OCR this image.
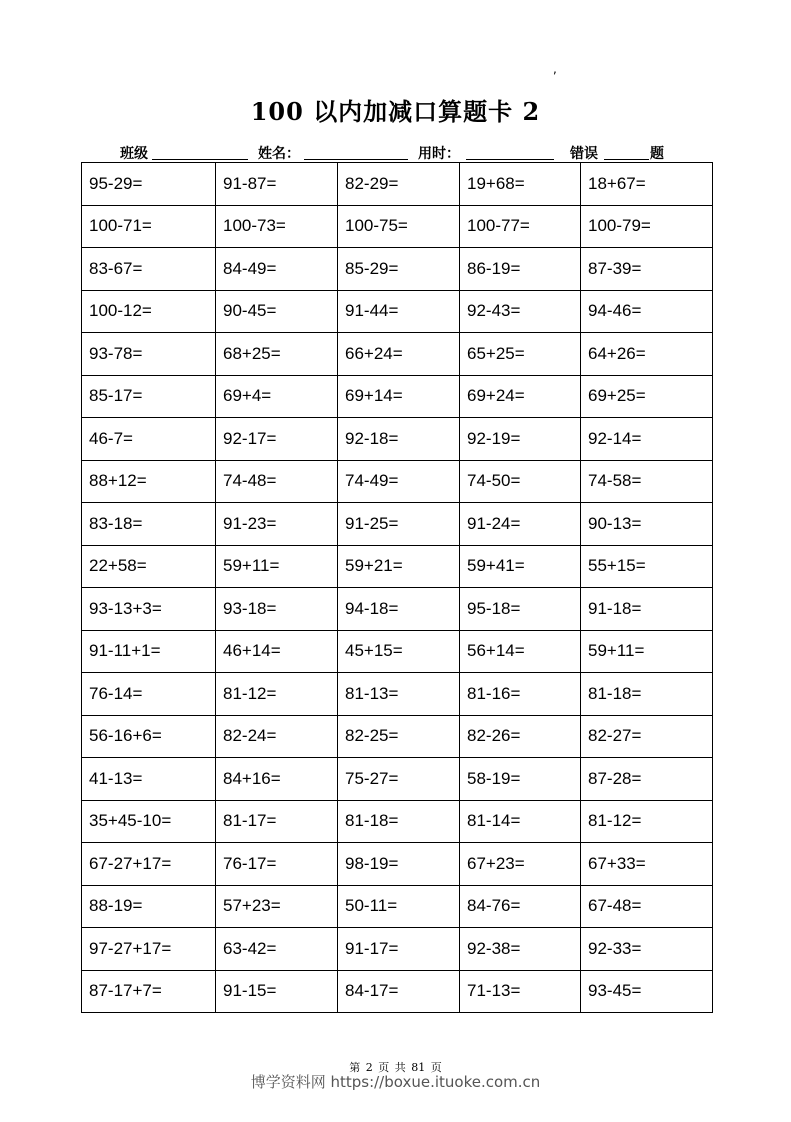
,
100 以内加减口算题卡 2
班级	姓名：	用时：	错误	题
95-29=	91-87=	82-29=	19+68=	18+67=
100-71=	100-73=	100-75=	100-77=	100-79=
83-67=	84-49=	85-29=	86-19=	87-39=
100-12=	90-45=	91-44=	92-43=	94-46=
93-78=	68+25=	66+24=	65+25=	64+26=
85-17=	69+4=	69+14=	69+24=	69+25=
46-7=	92-17=	92-18=	92-19=	92-14=
88+12=	74-48=	74-49=	74-50=	74-58=
83-18=	91-23=	91-25=	91-24=	90-13=
22+58=	59+11=	59+21=	59+41=	55+15=
93-13+3=	93-18=	94-18=	95-18=	91-18=
91-11+1=	46+14=	45+15=	56+14=	59+11=
76-14=	81-12=	81-13=	81-16=	81-18=
56-16+6=	82-24=	82-25=	82-26=	82-27=
41-13=	84+16=	75-27=	58-19=	87-28=
35+45-10=	81-17=	81-18=	81-14=	81-12=
67-27+17=	76-17=	98-19=	67+23=	67+33=
88-19=	57+23=	50-11=	84-76=	67-48=
97-27+17=	63-42=	91-17=	92-38=	92-33=
87-17+7=	91-15=	84-17=	71-13=	93-45=
第 2 页 共 81 页
博学资料网 https://boxue.ituoke.com.cn
